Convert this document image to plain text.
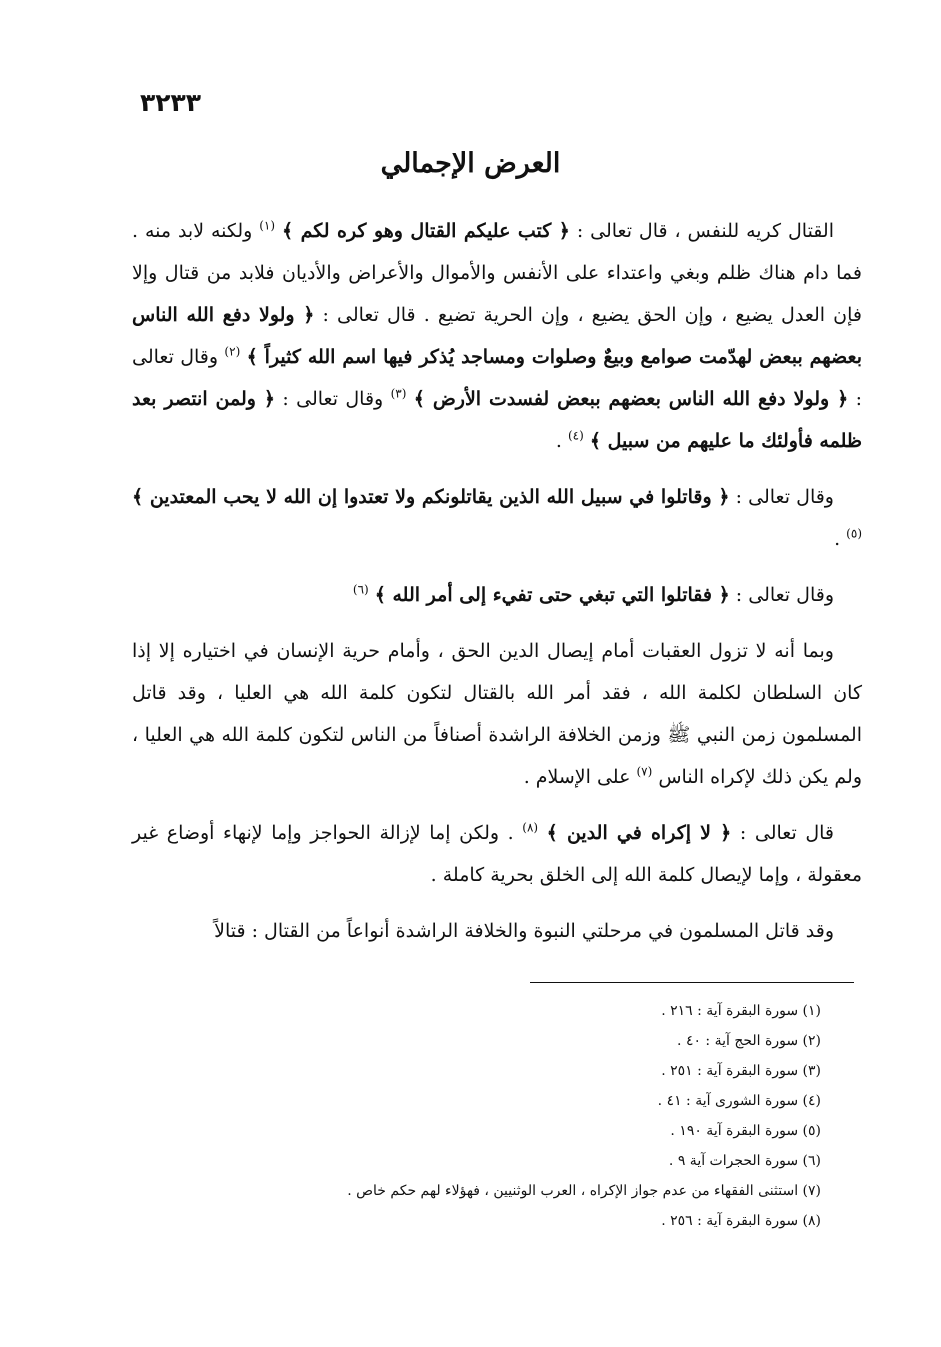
٣٢٣٣
العرض الإجمالي

القتال كريه للنفس ، قال تعالى : ﴿ كتب عليكم القتال وهو كره لكم ﴾ $^{(١)}$ ولكنه لابد منه . فما دام هناك ظلم وبغي واعتداء على الأنفس والأموال والأعراض والأديان فلابد من قتال وإلا فإن العدل يضيع ، وإن الحق يضيع ، وإن الحرية تضيع . قال تعالى : ﴿ ولولا دفع الله الناس بعضهم ببعض لهدّمت صوامع وبيعٌ وصلوات ومساجد يُذكر فيها اسم الله كثيراً ﴾ $^{(٢)}$ وقال تعالى : ﴿ ولولا دفع الله الناس بعضهم ببعض لفسدت الأرض ﴾ $^{(٣)}$ وقال تعالى : ﴿ ولمن انتصر بعد ظلمه فأولئك ما عليهم من سبيل ﴾ $^{(٤)}$ .

وقال تعالى : ﴿ وقاتلوا في سبيل الله الذين يقاتلونكم ولا تعتدوا إن الله لا يحب المعتدين ﴾ $^{(٥)}$ .

وقال تعالى : ﴿ فقاتلوا التي تبغي حتى تفيء إلى أمر الله ﴾ $^{(٦)}$

وبما أنه لا تزول العقبات أمام إيصال الدين الحق ، وأمام حرية الإنسان في اختياره إلا إذا كان السلطان لكلمة الله ، فقد أمر الله بالقتال لتكون كلمة الله هي العليا ، وقد قاتل المسلمون زمن النبي ﷺ وزمن الخلافة الراشدة أصنافاً من الناس لتكون كلمة الله هي العليا ، ولم يكن ذلك لإكراه الناس $^{(٧)}$ على الإسلام .

قال تعالى : ﴿ لا إكراه في الدين ﴾ $^{(٨)}$ . ولكن إما لإزالة الحواجز وإما لإنهاء أوضاع غير معقولة ، وإما لإيصال كلمة الله إلى الخلق بحرية كاملة .

وقد قاتل المسلمون في مرحلتي النبوة والخلافة الراشدة أنواعاً من القتال : قتالاً

(١) سورة البقرة آية : ٢١٦ .
(٢) سورة الحج آية : ٤٠ .
(٣) سورة البقرة آية : ٢٥١ .
(٤) سورة الشورى آية : ٤١ .
(٥) سورة البقرة آية ١٩٠ .
(٦) سورة الحجرات آية ٩ .
(٧) استثنى الفقهاء من عدم جواز الإكراه ، العرب الوثنيين ، فهؤلاء لهم حكم خاص .
(٨) سورة البقرة آية : ٢٥٦ .
